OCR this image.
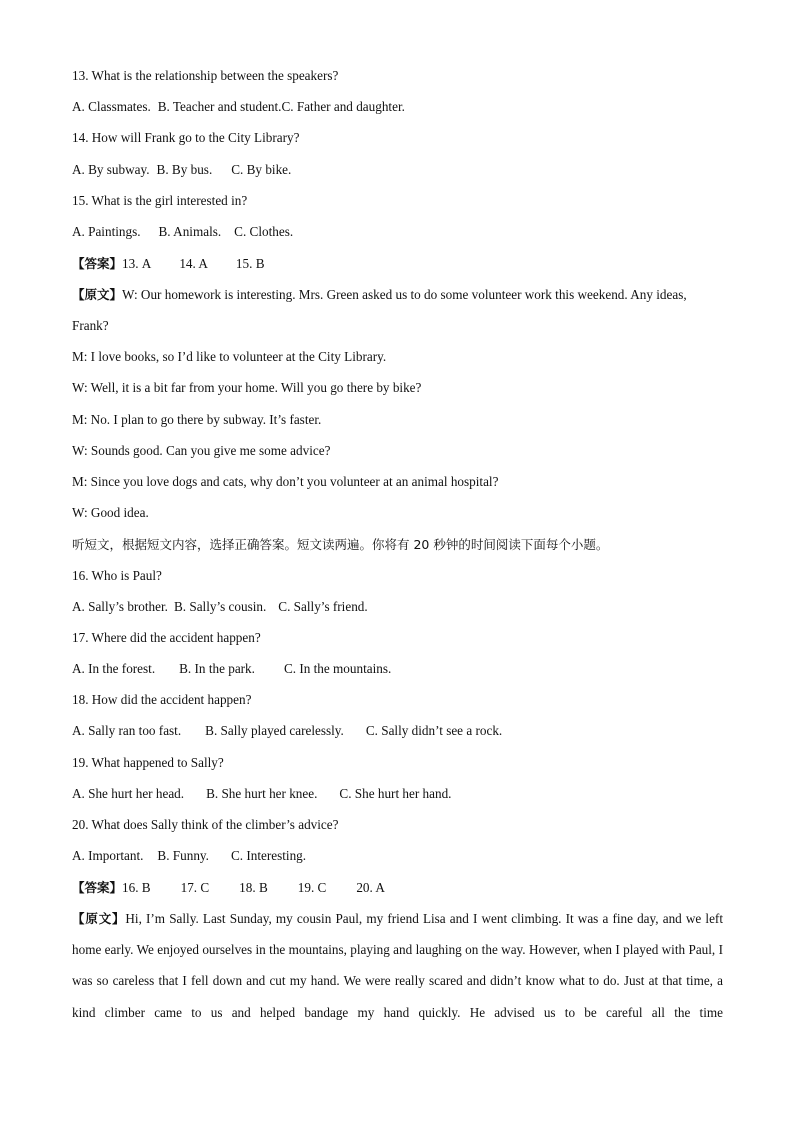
13. What is the relationship between the speakers?
A. Classmates. B. Teacher and student.C. Father and daughter.
14. How will Frank go to the City Library?
A. By subway. B. By bus. C. By bike.
15. What is the girl interested in?
A. Paintings. B. Animals. C. Clothes.
【答案】13. A 14. A 15. B
【原文】W: Our homework is interesting. Mrs. Green asked us to do some volunteer work this weekend. Any ideas,
Frank?
M: I love books, so I’d like to volunteer at the City Library.
W: Well, it is a bit far from your home. Will you go there by bike?
M: No. I plan to go there by subway. It’s faster.
W: Sounds good. Can you give me some advice?
M: Since you love dogs and cats, why don’t you volunteer at an animal hospital?
W: Good idea.
听短文，根据短文内容，选择正确答案。短文读两遍。你将有 20 秒钟的时间阅读下面每个小题。
16. Who is Paul?
A. Sally’s brother. B. Sally’s cousin. C. Sally’s friend.
17. Where did the accident happen?
A. In the forest. B. In the park. C. In the mountains.
18. How did the accident happen?
A. Sally ran too fast. B. Sally played carelessly. C. Sally didn’t see a rock.
19. What happened to Sally?
A. She hurt her head. B. She hurt her knee. C. She hurt her hand.
20. What does Sally think of the climber’s advice?
A. Important. B. Funny. C. Interesting.
【答案】16. B 17. C 18. B 19. C 20. A
【原文】Hi, I’m Sally. Last Sunday, my cousin Paul, my friend Lisa and I went climbing. It was a fine day, and we left home early. We enjoyed ourselves in the mountains, playing and laughing on the way. However, when I played with Paul, I was so careless that I fell down and cut my hand. We were really scared and didn’t know what to do. Just at that time, a kind climber came to us and helped bandage my hand quickly. He advised us to be careful all the time
